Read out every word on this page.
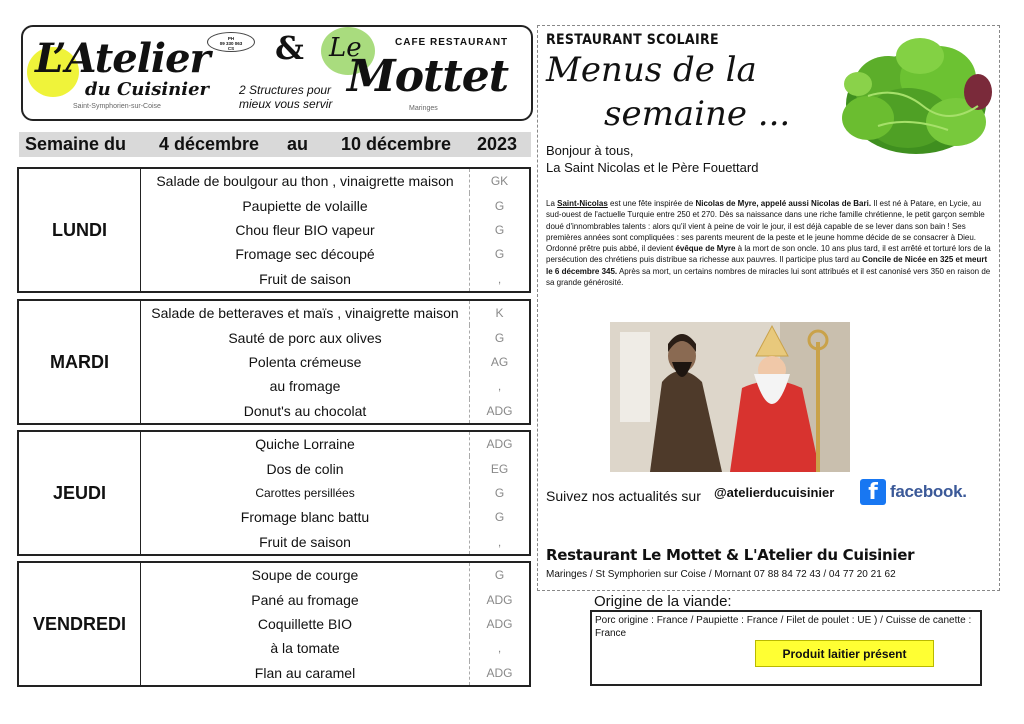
L’Atelier
du Cuisinier
Saint-Symphorien-sur-Coise
PH
09 330 063
CS	& Le	CAFE RESTAURANT
Mottet
2 Structures pour
mieux vous servir	Maringes
Semaine du 4 décembre au 10 décembre 2023
LUNDI
Salade de boulgour au thon , vinaigrette maison	GK
Paupiette de volaille	G
Chou fleur BIO vapeur	G
Fromage sec découpé	G
Fruit de saison	,
MARDI
Salade de betteraves et maïs , vinaigrette maison	K
Sauté de porc aux olives	G
Polenta crémeuse	AG
au fromage	,
Donut's au chocolat	ADG
JEUDI
Quiche Lorraine	ADG
Dos de colin	EG
Carottes persillées	G
Fromage blanc battu	G
Fruit de saison	,
VENDREDI
Soupe de courge	G
Pané au fromage	ADG
Coquillette BIO	ADG
à la tomate	,
Flan au caramel	ADG
RESTAURANT SCOLAIRE
Menus de la
semaine ...
Bonjour à tous,
La Saint Nicolas et le Père Fouettard
La Saint-Nicolas est une fête inspirée de Nicolas de Myre, appelé aussi Nicolas de Bari. Il est né à Patare, en Lycie, au sud-ouest de l'actuelle Turquie entre 250 et 270. Dès sa naissance dans une riche famille chrétienne, le petit garçon semble doué d'innombrables talents : alors qu'il vient à peine de voir le jour, il est déjà capable de se lever dans son bain ! Ses premières années sont compliquées : ses parents meurent de la peste et le jeune homme décide de se consacrer à Dieu. Ordonné prêtre puis abbé, il devient évêque de Myre à la mort de son oncle. 10 ans plus tard, il est arrêté et torturé lors de la persécution des chrétiens puis distribue sa richesse aux pauvres. Il participe plus tard au Concile de Nicée en 325 et meurt le 6 décembre 345. Après sa mort, un certains nombres de miracles lui sont attribués et il est canonisé vers 350 en raison de sa grande générosité.
Suivez nos actualités sur @atelierducuisinier	f facebook.
Restaurant Le Mottet & L'Atelier du Cuisinier
Maringes / St Symphorien sur Coise / Mornant 07 88 84 72 43 / 04 77 20 21 62
Origine de la viande:
Porc origine : France / Paupiette : France / Filet de poulet : UE ) / Cuisse de canette : France
Produit laitier présent
